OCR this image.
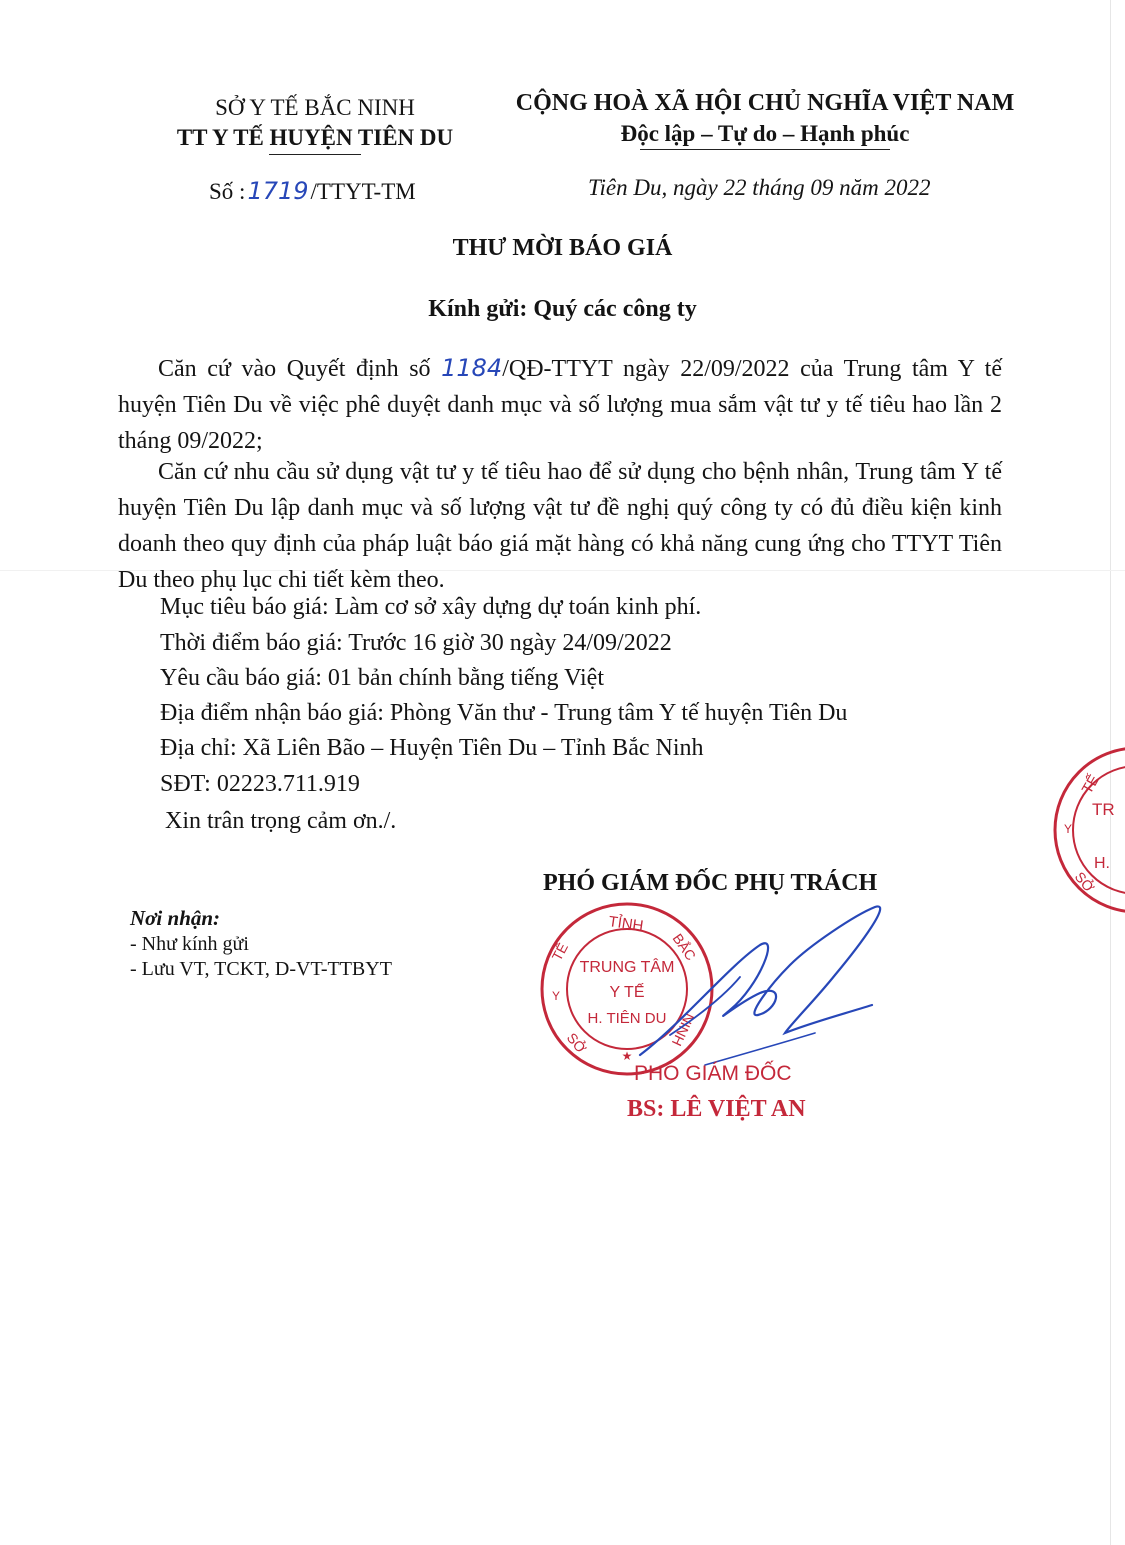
SỞ Y TẾ BẮC NINH
TT Y TẾ HUYỆN TIÊN DU
CỘNG HOÀ XÃ HỘI CHỦ NGHĨA VIỆT NAM
Độc lập – Tự do – Hạnh phúc
Số :1719/TTYT-TM	Tiên Du, ngày 22 tháng 09 năm 2022
THƯ MỜI BÁO GIÁ
Kính gửi: Quý các công ty
Căn cứ vào Quyết định số 1184/QĐ-TTYT ngày 22/09/2022 của Trung tâm Y tế huyện Tiên Du về việc phê duyệt danh mục và số lượng mua sắm vật tư y tế tiêu hao lần 2 tháng 09/2022;
Căn cứ nhu cầu sử dụng vật tư y tế tiêu hao để sử dụng cho bệnh nhân, Trung tâm Y tế huyện Tiên Du lập danh mục và số lượng vật tư đề nghị quý công ty có đủ điều kiện kinh doanh theo quy định của pháp luật báo giá mặt hàng có khả năng cung ứng cho TTYT Tiên Du theo phụ lục chi tiết kèm theo.
Mục tiêu báo giá: Làm cơ sở xây dựng dự toán kinh phí.
Thời điểm báo giá: Trước 16 giờ 30 ngày 24/09/2022
Yêu cầu báo giá: 01 bản chính bằng tiếng Việt
Địa điểm nhận báo giá: Phòng Văn thư - Trung tâm Y tế huyện Tiên Du
Địa chỉ: Xã Liên Bão – Huyện Tiên Du – Tỉnh Bắc Ninh
SĐT: 02223.711.919
Xin trân trọng cảm ơn./.
PHÓ GIÁM ĐỐC PHỤ TRÁCH
Nơi nhận:
- Như kính gửi
- Lưu VT, TCKT, D-VT-TTBYT
TẾ
TR
H.
SỞ
Y
TỈNH
BẮC
NINH
TẾ
Y
SỞ	★
TRUNG TÂM
Y TẾ
H. TIÊN DU
PHÓ GIÁM ĐỐC
BS: LÊ VIỆT AN
